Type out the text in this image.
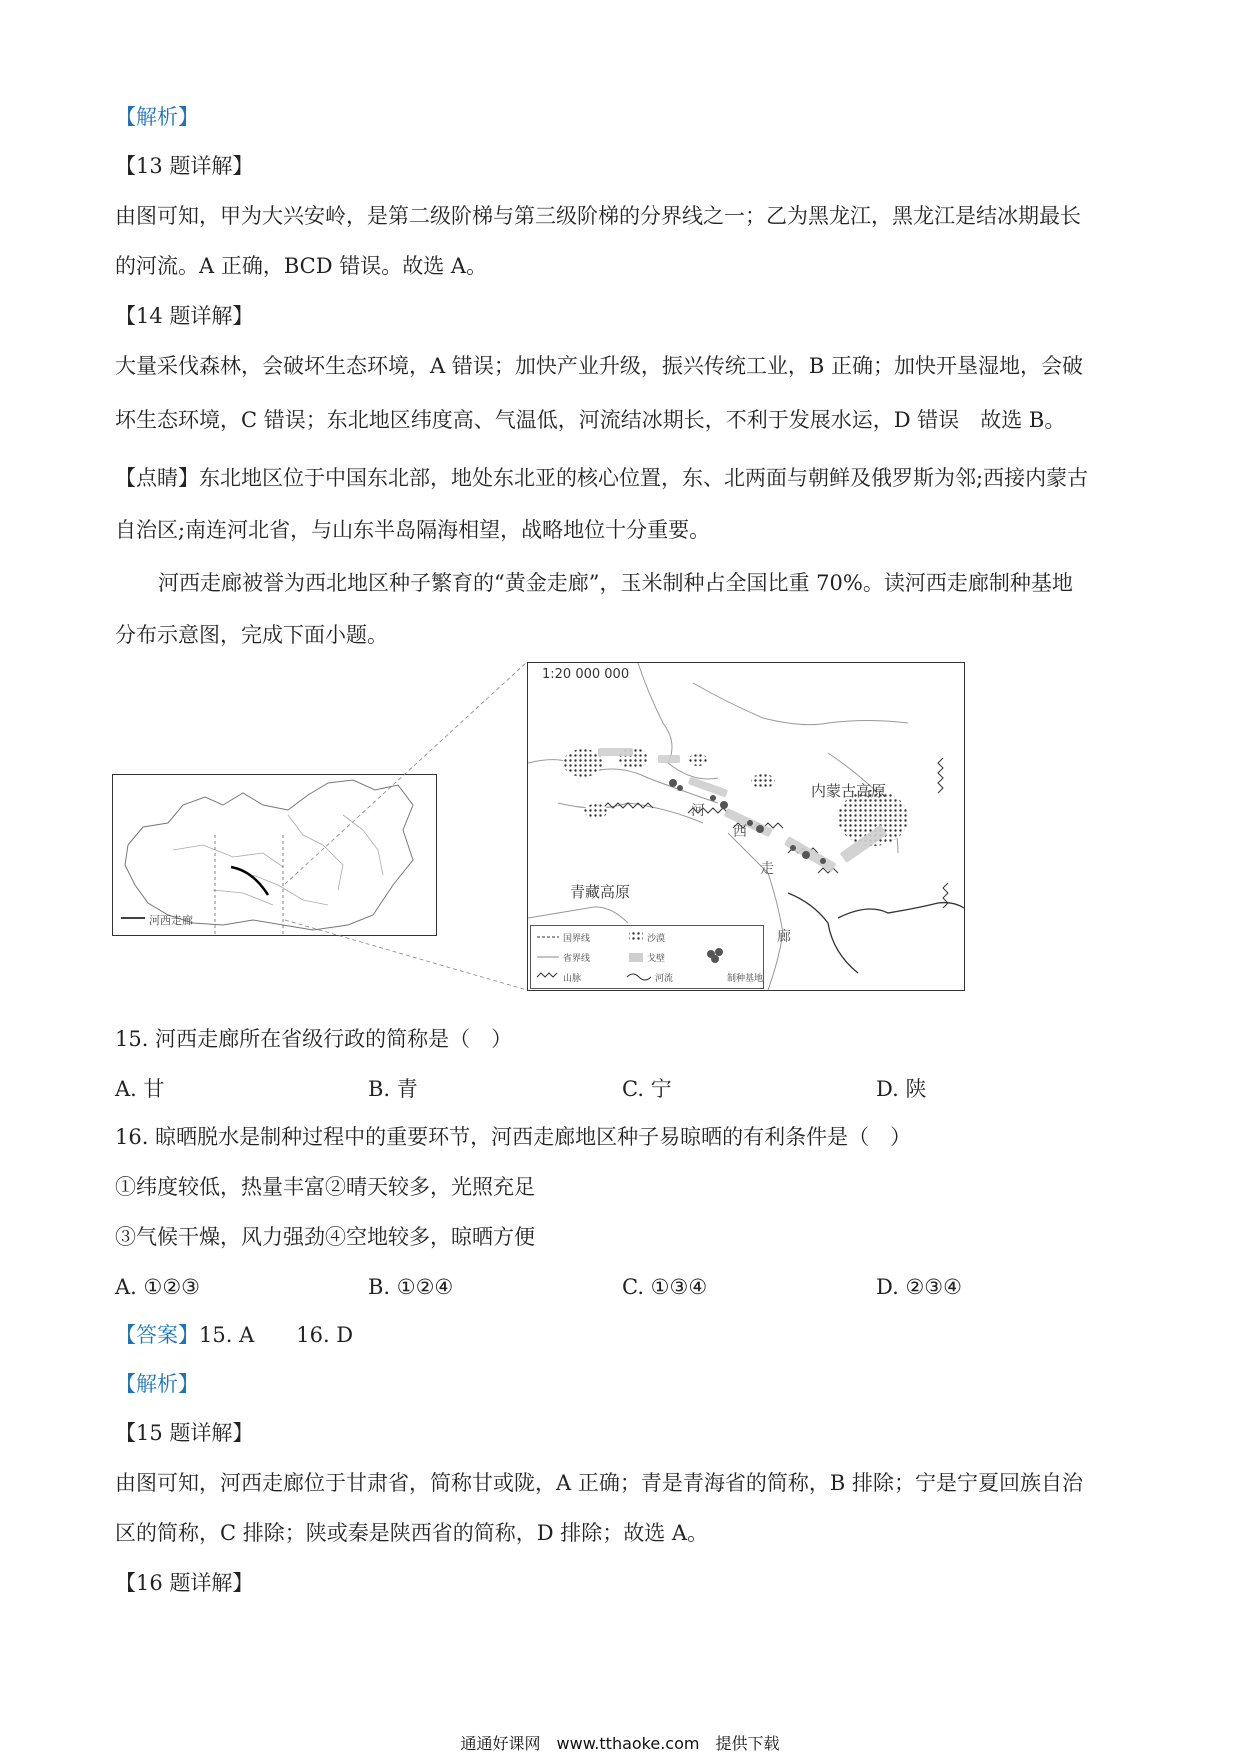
【解析】
【13 题详解】
由图可知，甲为大兴安岭，是第二级阶梯与第三级阶梯的分界线之一；乙为黑龙江，黑龙江是结冰期最长
的河流。A 正确，BCD 错误。故选 A。
【14 题详解】
大量采伐森林，会破坏生态环境，A 错误；加快产业升级，振兴传统工业，B 正确；加快开垦湿地，会破
坏生态环境，C 错误；东北地区纬度高、气温低，河流结冰期长，不利于发展水运，D 错误　故选 B。
【点睛】东北地区位于中国东北部，地处东北亚的核心位置，东、北两面与朝鲜及俄罗斯为邻;西接内蒙古
自治区;南连河北省，与山东半岛隔海相望，战略地位十分重要。
河西走廊被誉为西北地区种子繁育的“黄金走廊”，玉米制种占全国比重 70%。读河西走廊制种基地
分布示意图，完成下面小题。
河西走廊
1:20 000 000
内蒙古高原
青藏高原
河
西
走
廊
国界线
省界线
山脉
沙漠
戈壁
河流	制种基地
15. 河西走廊所在省级行政的简称是（　）
A. 甘	B. 青	C. 宁	D. 陕
16. 晾晒脱水是制种过程中的重要环节，河西走廊地区种子易晾晒的有利条件是（　）
①纬度较低，热量丰富②晴天较多，光照充足
③气候干燥，风力强劲④空地较多，晾晒方便
A. ①②③	B. ①②④	C. ①③④	D. ②③④
【答案】15. A　　16. D
【解析】
【15 题详解】
由图可知，河西走廊位于甘肃省，简称甘或陇，A 正确；青是青海省的简称，B 排除；宁是宁夏回族自治
区的简称，C 排除；陕或秦是陕西省的简称，D 排除；故选 A。
【16 题详解】
通通好课网　www.tthaoke.com　提供下载
